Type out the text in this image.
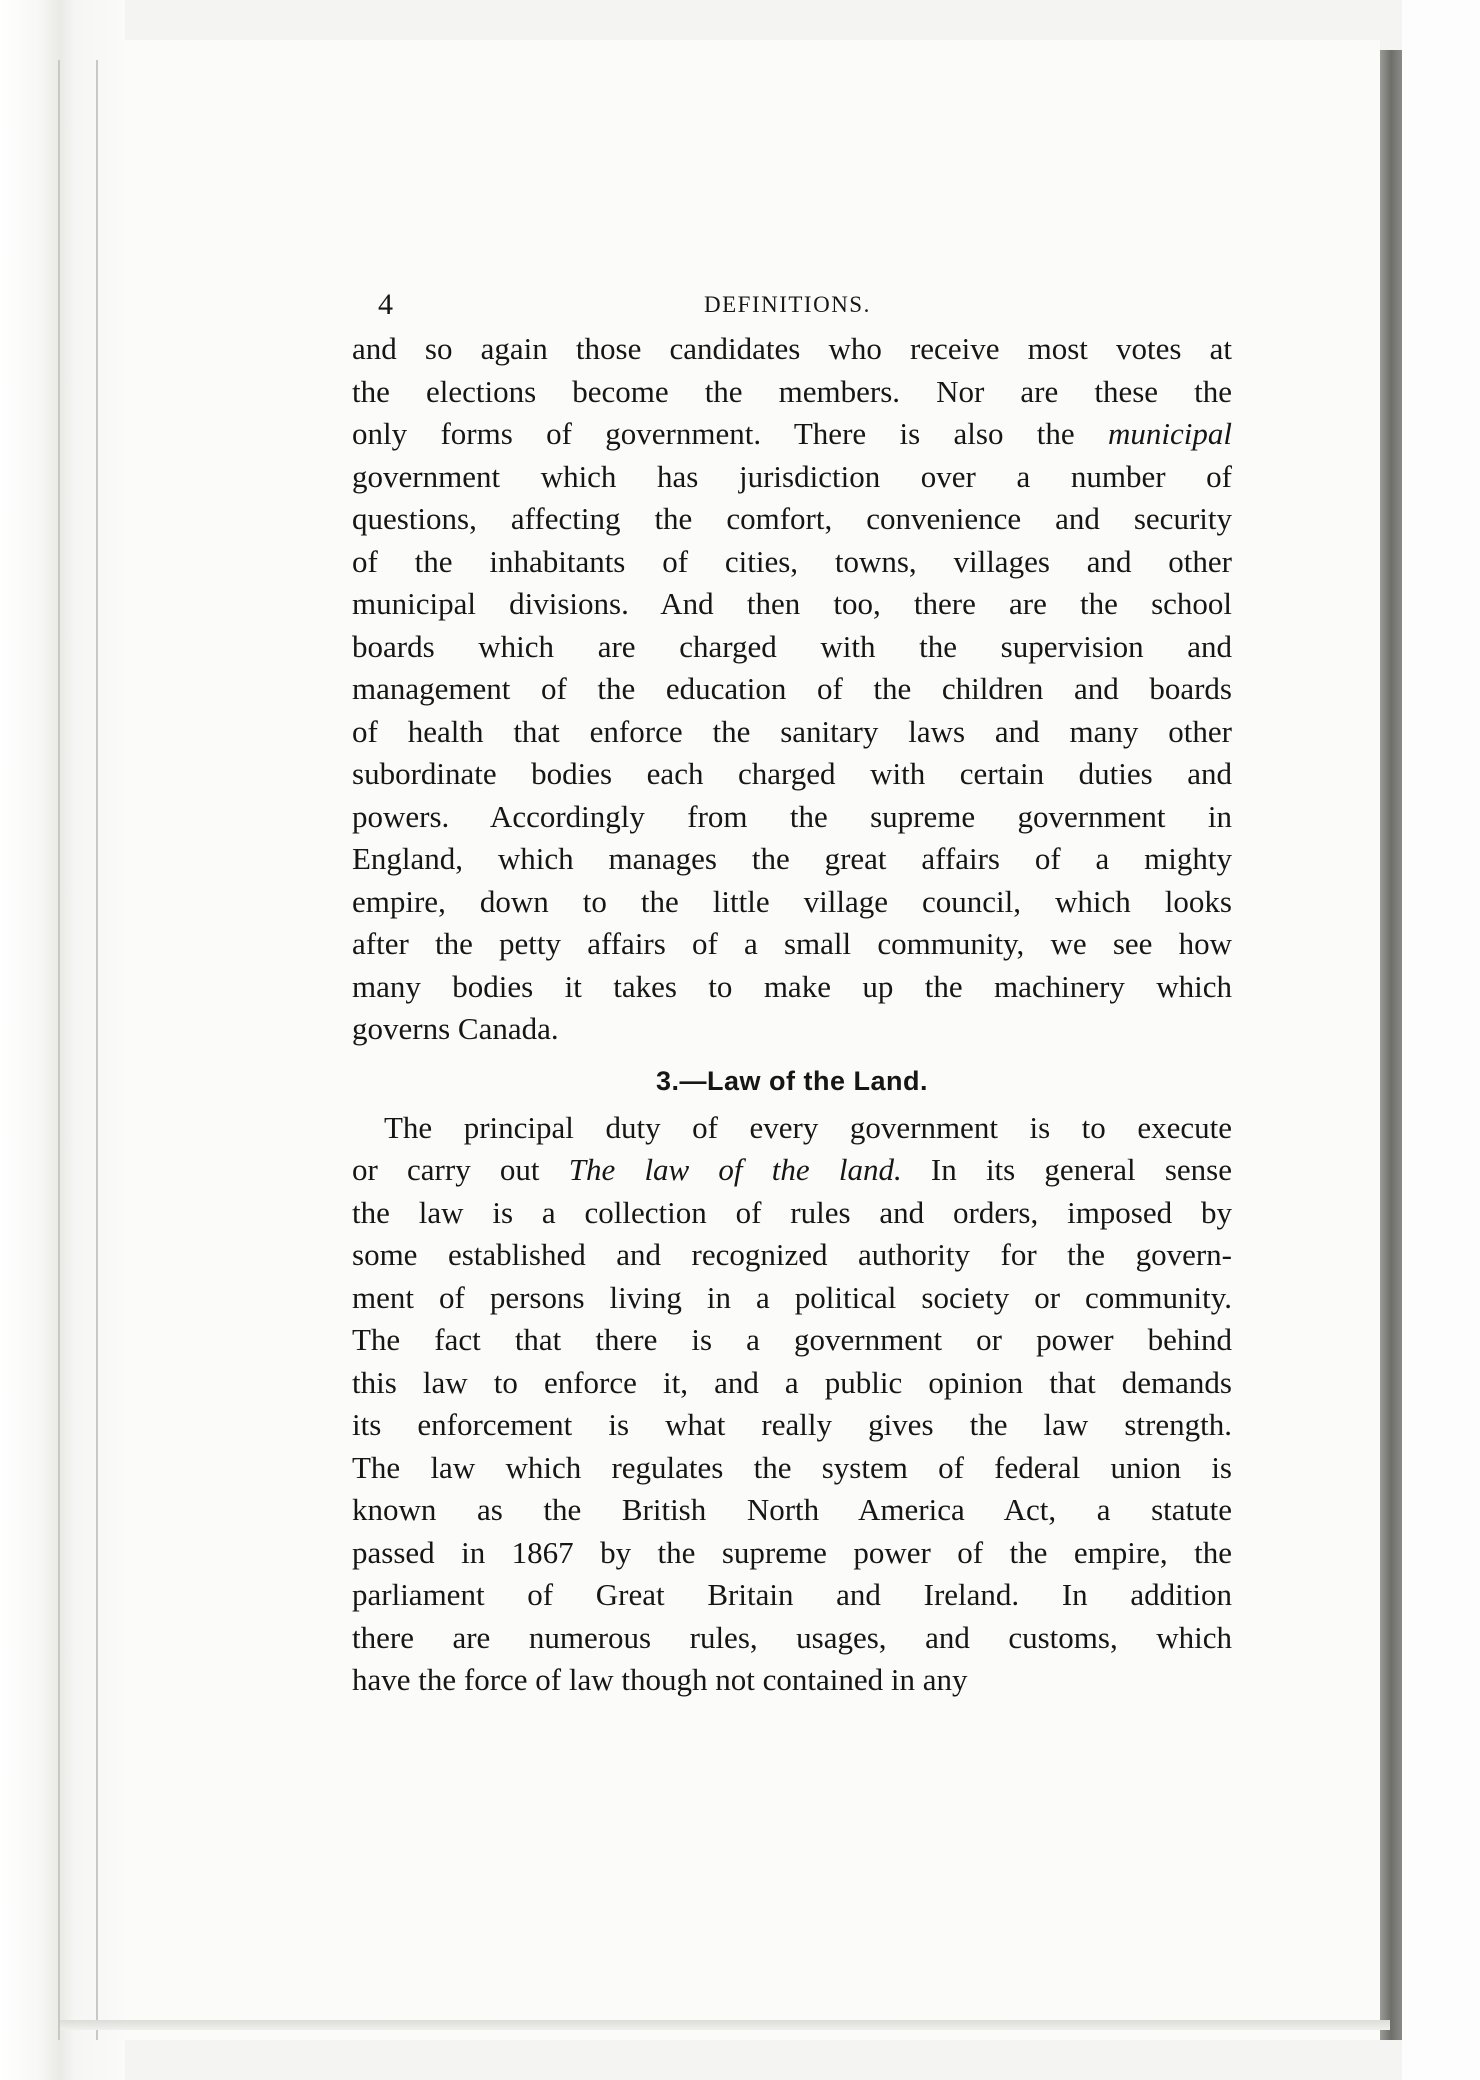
4	DEFINITIONS.
and so again those candidates who receive most votes at
the elections become the members. Nor are these the
only forms of government. There is also the municipal
government which has jurisdiction over a number of
questions, affecting the comfort, convenience and security
of the inhabitants of cities, towns, villages and other
municipal divisions. And then too, there are the school
boards which are charged with the supervision and
management of the education of the children and boards
of health that enforce the sanitary laws and many other
subordinate bodies each charged with certain duties and
powers. Accordingly from the supreme government in
England, which manages the great affairs of a mighty
empire, down to the little village council, which looks
after the petty affairs of a small community, we see how
many bodies it takes to make up the machinery which
governs Canada.
3.—Law of the Land.
The principal duty of every government is to execute
or carry out The law of the land. In its general sense
the law is a collection of rules and orders, imposed by
some established and recognized authority for the govern-
ment of persons living in a political society or community.
The fact that there is a government or power behind
this law to enforce it, and a public opinion that demands
its enforcement is what really gives the law strength.
The law which regulates the system of federal union is
known as the British North America Act, a statute
passed in 1867 by the supreme power of the empire, the
parliament of Great Britain and Ireland. In addition
there are numerous rules, usages, and customs, which
have the force of law though not contained in any
